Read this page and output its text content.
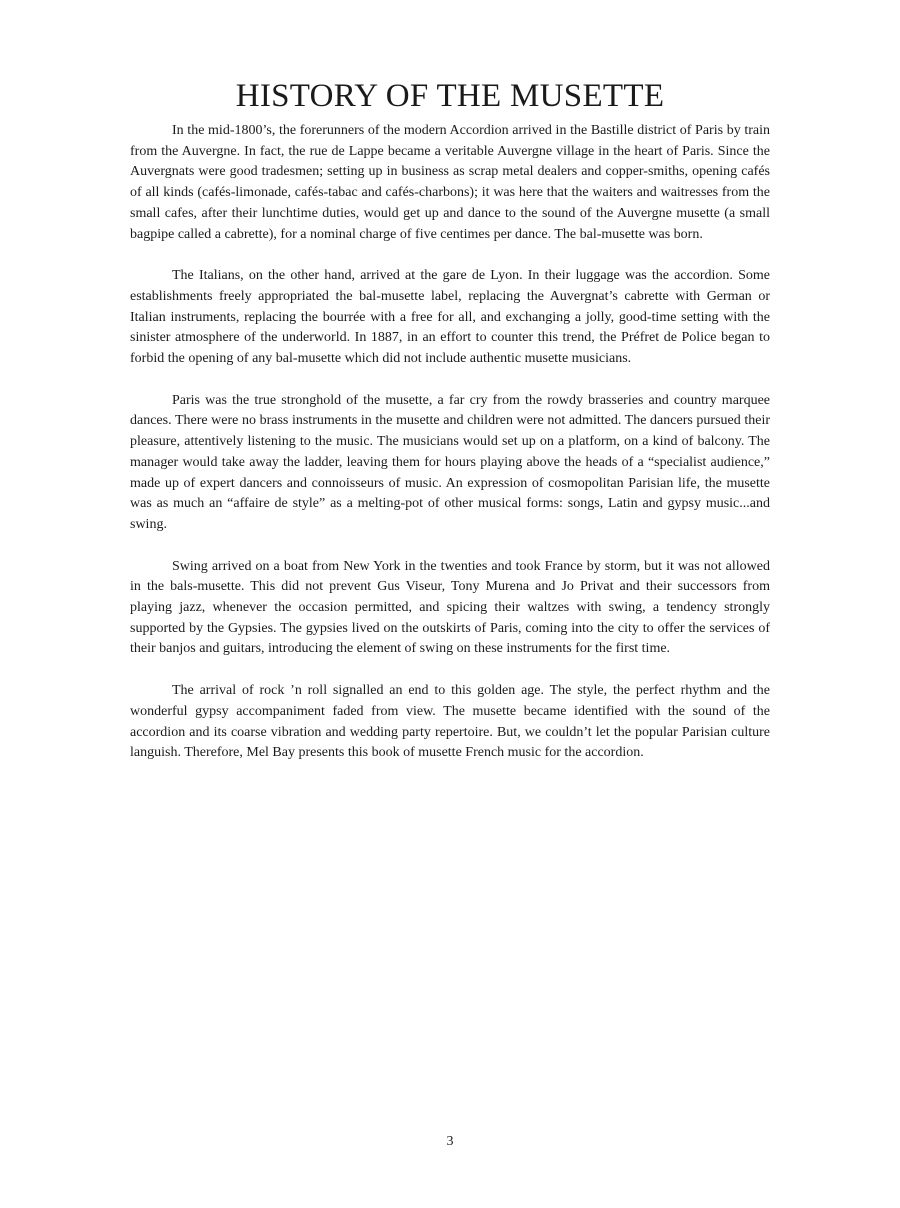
HISTORY OF THE MUSETTE

In the mid-1800’s, the forerunners of the modern Accordion arrived in the Bastille district of Paris by train from the Auvergne. In fact, the rue de Lappe became a veritable Auvergne village in the heart of Paris. Since the Auvergnats were good tradesmen; setting up in business as scrap metal dealers and copper-smiths, opening cafés of all kinds (cafés-limonade, cafés-tabac and cafés-charbons); it was here that the waiters and waitresses from the small cafes, after their lunchtime duties, would get up and dance to the sound of the Auvergne musette (a small bagpipe called a cabrette), for a nominal charge of five centimes per dance. The bal-musette was born.

The Italians, on the other hand, arrived at the gare de Lyon. In their luggage was the accordion. Some establishments freely appropriated the bal-musette label, replacing the Auvergnat’s cabrette with German or Italian instruments, replacing the bourrée with a free for all, and exchanging a jolly, good-time setting with the sinister atmosphere of the underworld. In 1887, in an effort to counter this trend, the Préfret de Police began to forbid the opening of any bal-musette which did not include authentic musette musicians.

Paris was the true stronghold of the musette, a far cry from the rowdy brasseries and country marquee dances. There were no brass instruments in the musette and children were not admitted. The dancers pursued their pleasure, attentively listening to the music. The musicians would set up on a platform, on a kind of balcony. The manager would take away the ladder, leaving them for hours playing above the heads of a “specialist audience,” made up of expert dancers and connoisseurs of music. An expression of cosmopolitan Parisian life, the musette was as much an “affaire de style” as a melting-pot of other musical forms: songs, Latin and gypsy music...and swing.

Swing arrived on a boat from New York in the twenties and took France by storm, but it was not allowed in the bals-musette. This did not prevent Gus Viseur, Tony Murena and Jo Privat and their successors from playing jazz, whenever the occasion permitted, and spicing their waltzes with swing, a tendency strongly supported by the Gypsies. The gypsies lived on the outskirts of Paris, coming into the city to offer the services of their banjos and guitars, introducing the element of swing on these instruments for the first time.

The arrival of rock ’n roll signalled an end to this golden age. The style, the perfect rhythm and the wonderful gypsy accompaniment faded from view. The musette became identified with the sound of the accordion and its coarse vibration and wedding party repertoire. But, we couldn’t let the popular Parisian culture languish. Therefore, Mel Bay presents this book of musette French music for the accordion.

3
